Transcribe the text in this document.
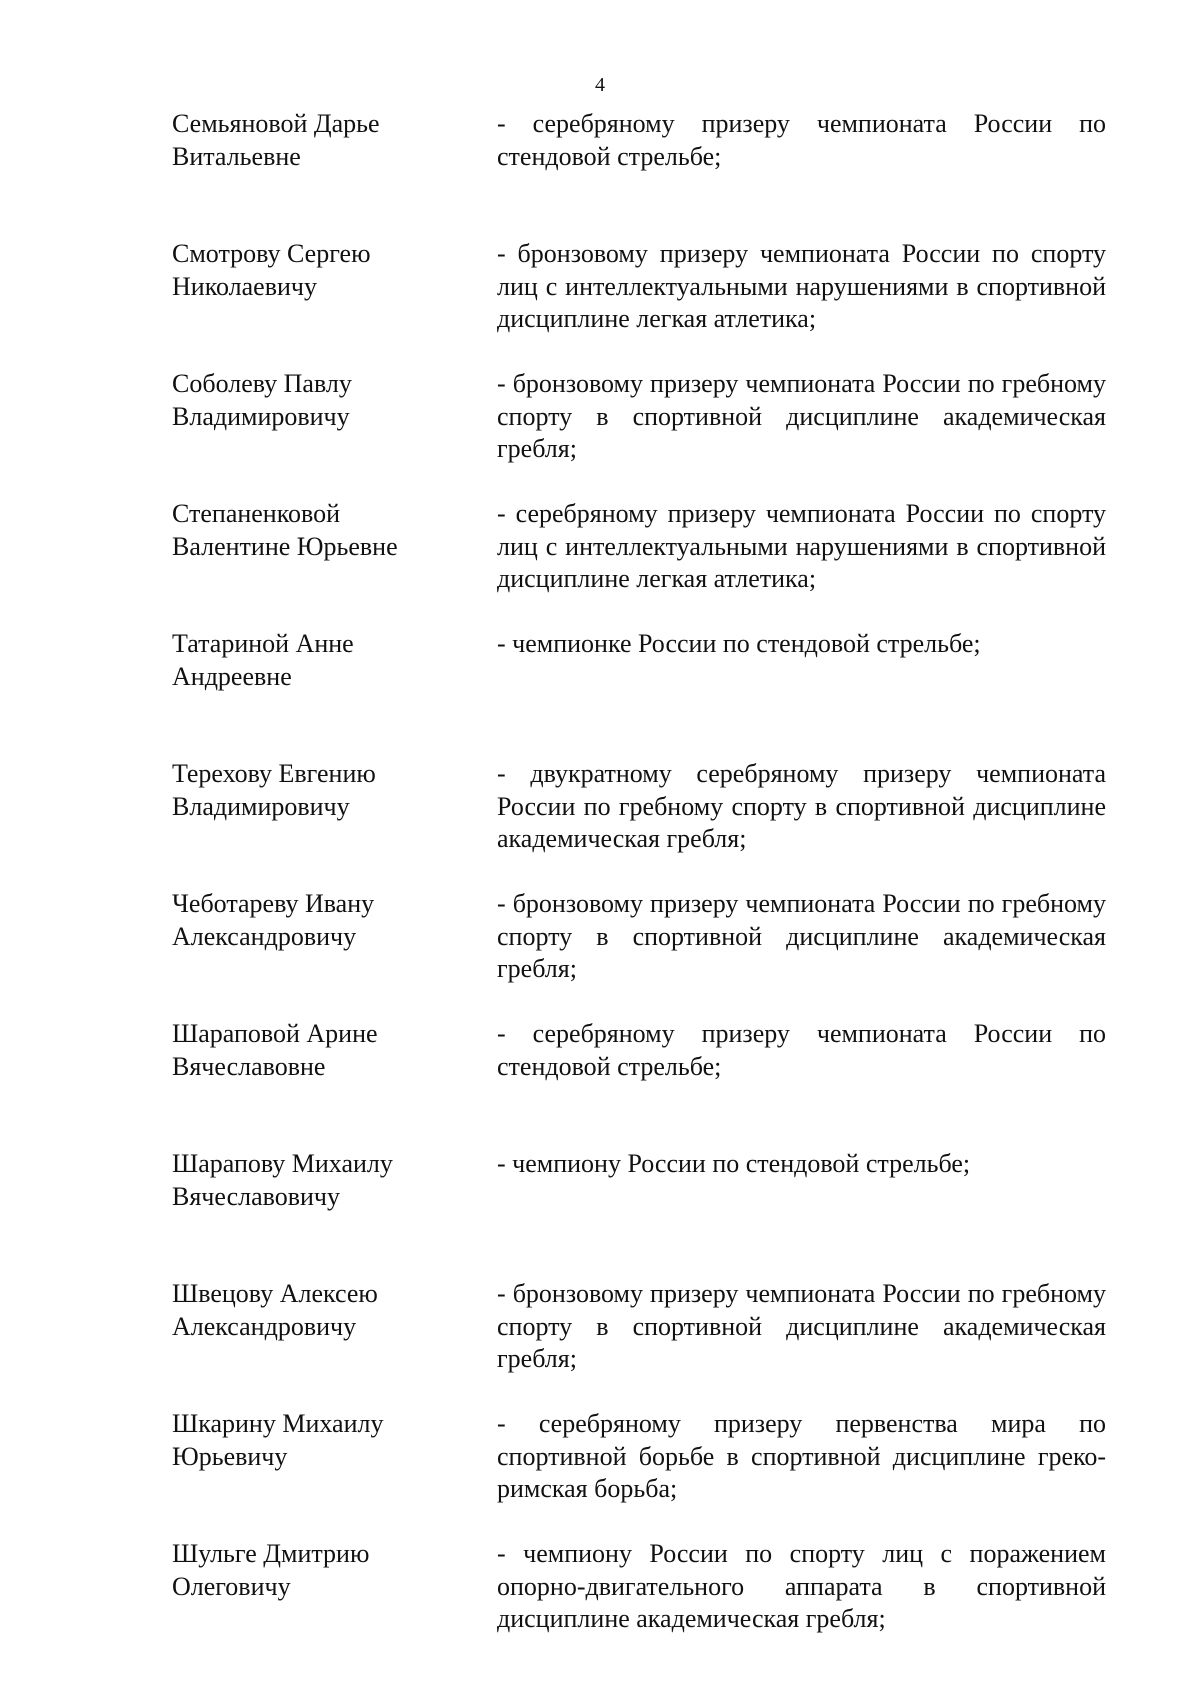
4
Семьяновой Дарье
Витальевне
- серебряному призеру чемпионата России по стендовой стрельбе;
Смотрову Сергею
Николаевичу
- бронзовому призеру чемпионата России по спорту лиц с интеллектуальными нарушениями в спортивной дисциплине легкая атлетика;
Соболеву Павлу
Владимировичу
- бронзовому призеру чемпионата России по гребному спорту в спортивной дисциплине академическая гребля;
Степаненковой
Валентине Юрьевне
- серебряному призеру чемпионата России по спорту лиц с интеллектуальными нарушениями в спортивной дисциплине легкая атлетика;
Татариной Анне
Андреевне
- чемпионке России по стендовой стрельбе;
Терехову Евгению
Владимировичу
- двукратному серебряному призеру чемпионата России по гребному спорту в спортивной дисциплине академическая гребля;
Чеботареву Ивану
Александровичу
- бронзовому призеру чемпионата России по гребному спорту в спортивной дисциплине академическая гребля;
Шараповой Арине
Вячеславовне
- серебряному призеру чемпионата России по стендовой стрельбе;
Шарапову Михаилу
Вячеславовичу
- чемпиону России по стендовой стрельбе;
Швецову Алексею
Александровичу
- бронзовому призеру чемпионата России по гребному спорту в спортивной дисциплине академическая гребля;
Шкарину Михаилу
Юрьевичу
- серебряному призеру первенства мира по спортивной борьбе в спортивной дисциплине греко-римская борьба;
Шульге Дмитрию
Олеговичу
- чемпиону России по спорту лиц с поражением опорно-двигательного аппарата в спортивной дисциплине академическая гребля;
